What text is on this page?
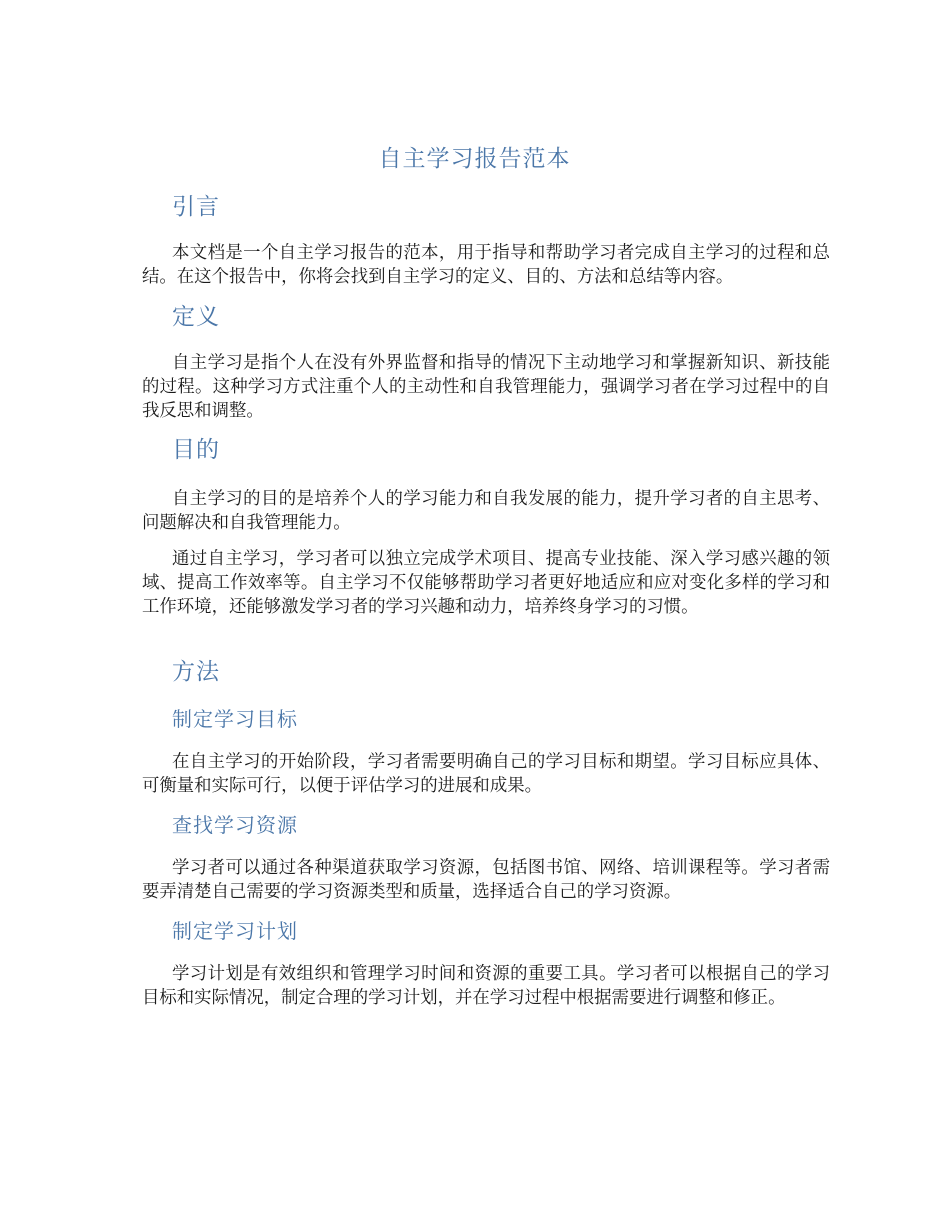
自主学习报告范本
引言

本文档是一个自主学习报告的范本，用于指导和帮助学习者完成自主学习的过程和总结。在这个报告中，你将会找到自主学习的定义、目的、方法和总结等内容。

定义

自主学习是指个人在没有外界监督和指导的情况下主动地学习和掌握新知识、新技能的过程。这种学习方式注重个人的主动性和自我管理能力，强调学习者在学习过程中的自我反思和调整。

目的

自主学习的目的是培养个人的学习能力和自我发展的能力，提升学习者的自主思考、问题解决和自我管理能力。

通过自主学习，学习者可以独立完成学术项目、提高专业技能、深入学习感兴趣的领域、提高工作效率等。自主学习不仅能够帮助学习者更好地适应和应对变化多样的学习和工作环境，还能够激发学习者的学习兴趣和动力，培养终身学习的习惯。

方法
制定学习目标

在自主学习的开始阶段，学习者需要明确自己的学习目标和期望。学习目标应具体、可衡量和实际可行，以便于评估学习的进展和成果。

查找学习资源

学习者可以通过各种渠道获取学习资源，包括图书馆、网络、培训课程等。学习者需要弄清楚自己需要的学习资源类型和质量，选择适合自己的学习资源。

制定学习计划

学习计划是有效组织和管理学习时间和资源的重要工具。学习者可以根据自己的学习目标和实际情况，制定合理的学习计划，并在学习过程中根据需要进行调整和修正。
